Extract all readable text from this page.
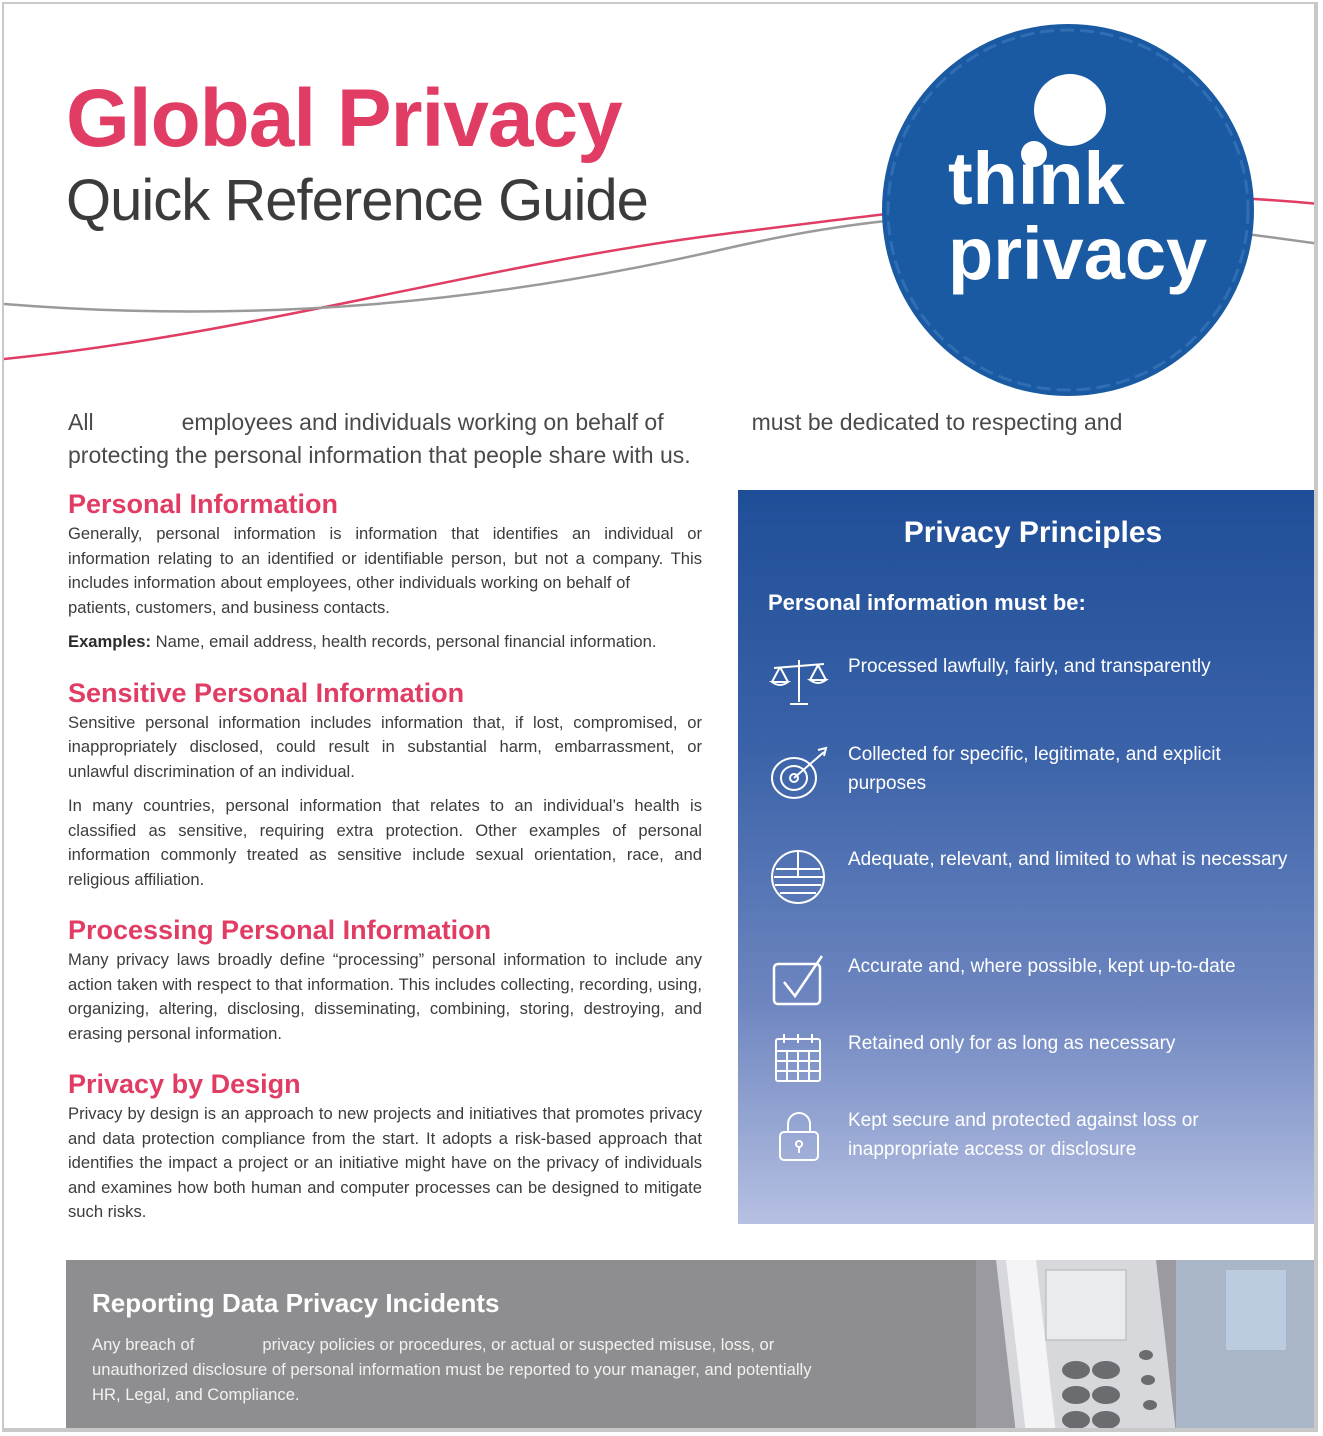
Global Privacy
Quick Reference Guide	think
privacy
All	employees and individuals working on behalf of	must be dedicated to respecting and
protecting the personal information that people share with us.
Personal Information

Generally, personal information is information that identifies an individual or information relating to an identified or identifiable person, but not a company. This includes information about employees, other individuals working on behalf ofpatients, customers, and business contacts.

Examples: Name, email address, health records, personal financial information.

Sensitive Personal Information

Sensitive personal information includes information that, if lost, compromised, or inappropriately disclosed, could result in substantial harm, embarrassment, or unlawful discrimination of an individual.

In many countries, personal information that relates to an individual’s health is classified as sensitive, requiring extra protection. Other examples of personal information commonly treated as sensitive include sexual orientation, race, and religious affiliation.

Processing Personal Information

Many privacy laws broadly define “processing” personal information to include any action taken with respect to that information. This includes collecting, recording, using, organizing, altering, disclosing, disseminating, combining, storing, destroying, and erasing personal information.

Privacy by Design

Privacy by design is an approach to new projects and initiatives that promotes privacy and data protection compliance from the start. It adopts a risk-based approach that identifies the impact a project or an initiative might have on the privacy of individuals and examines how both human and computer processes can be designed to mitigate such risks.

Privacy Principles
Personal information must be:
Processed lawfully, fairly, and transparently
Collected for specific, legitimate, and explicit purposes
Adequate, relevant, and limited to what is necessary
Accurate and, where possible, kept up-to-date
Retained only for as long as necessary
Kept secure and protected against loss or inappropriate access or disclosure
Reporting Data Privacy Incidents

Any breach of	privacy policies or procedures, or actual or suspected misuse, loss, or unauthorized disclosure of personal information must be reported to your manager, and potentially HR, Legal, and Compliance.
